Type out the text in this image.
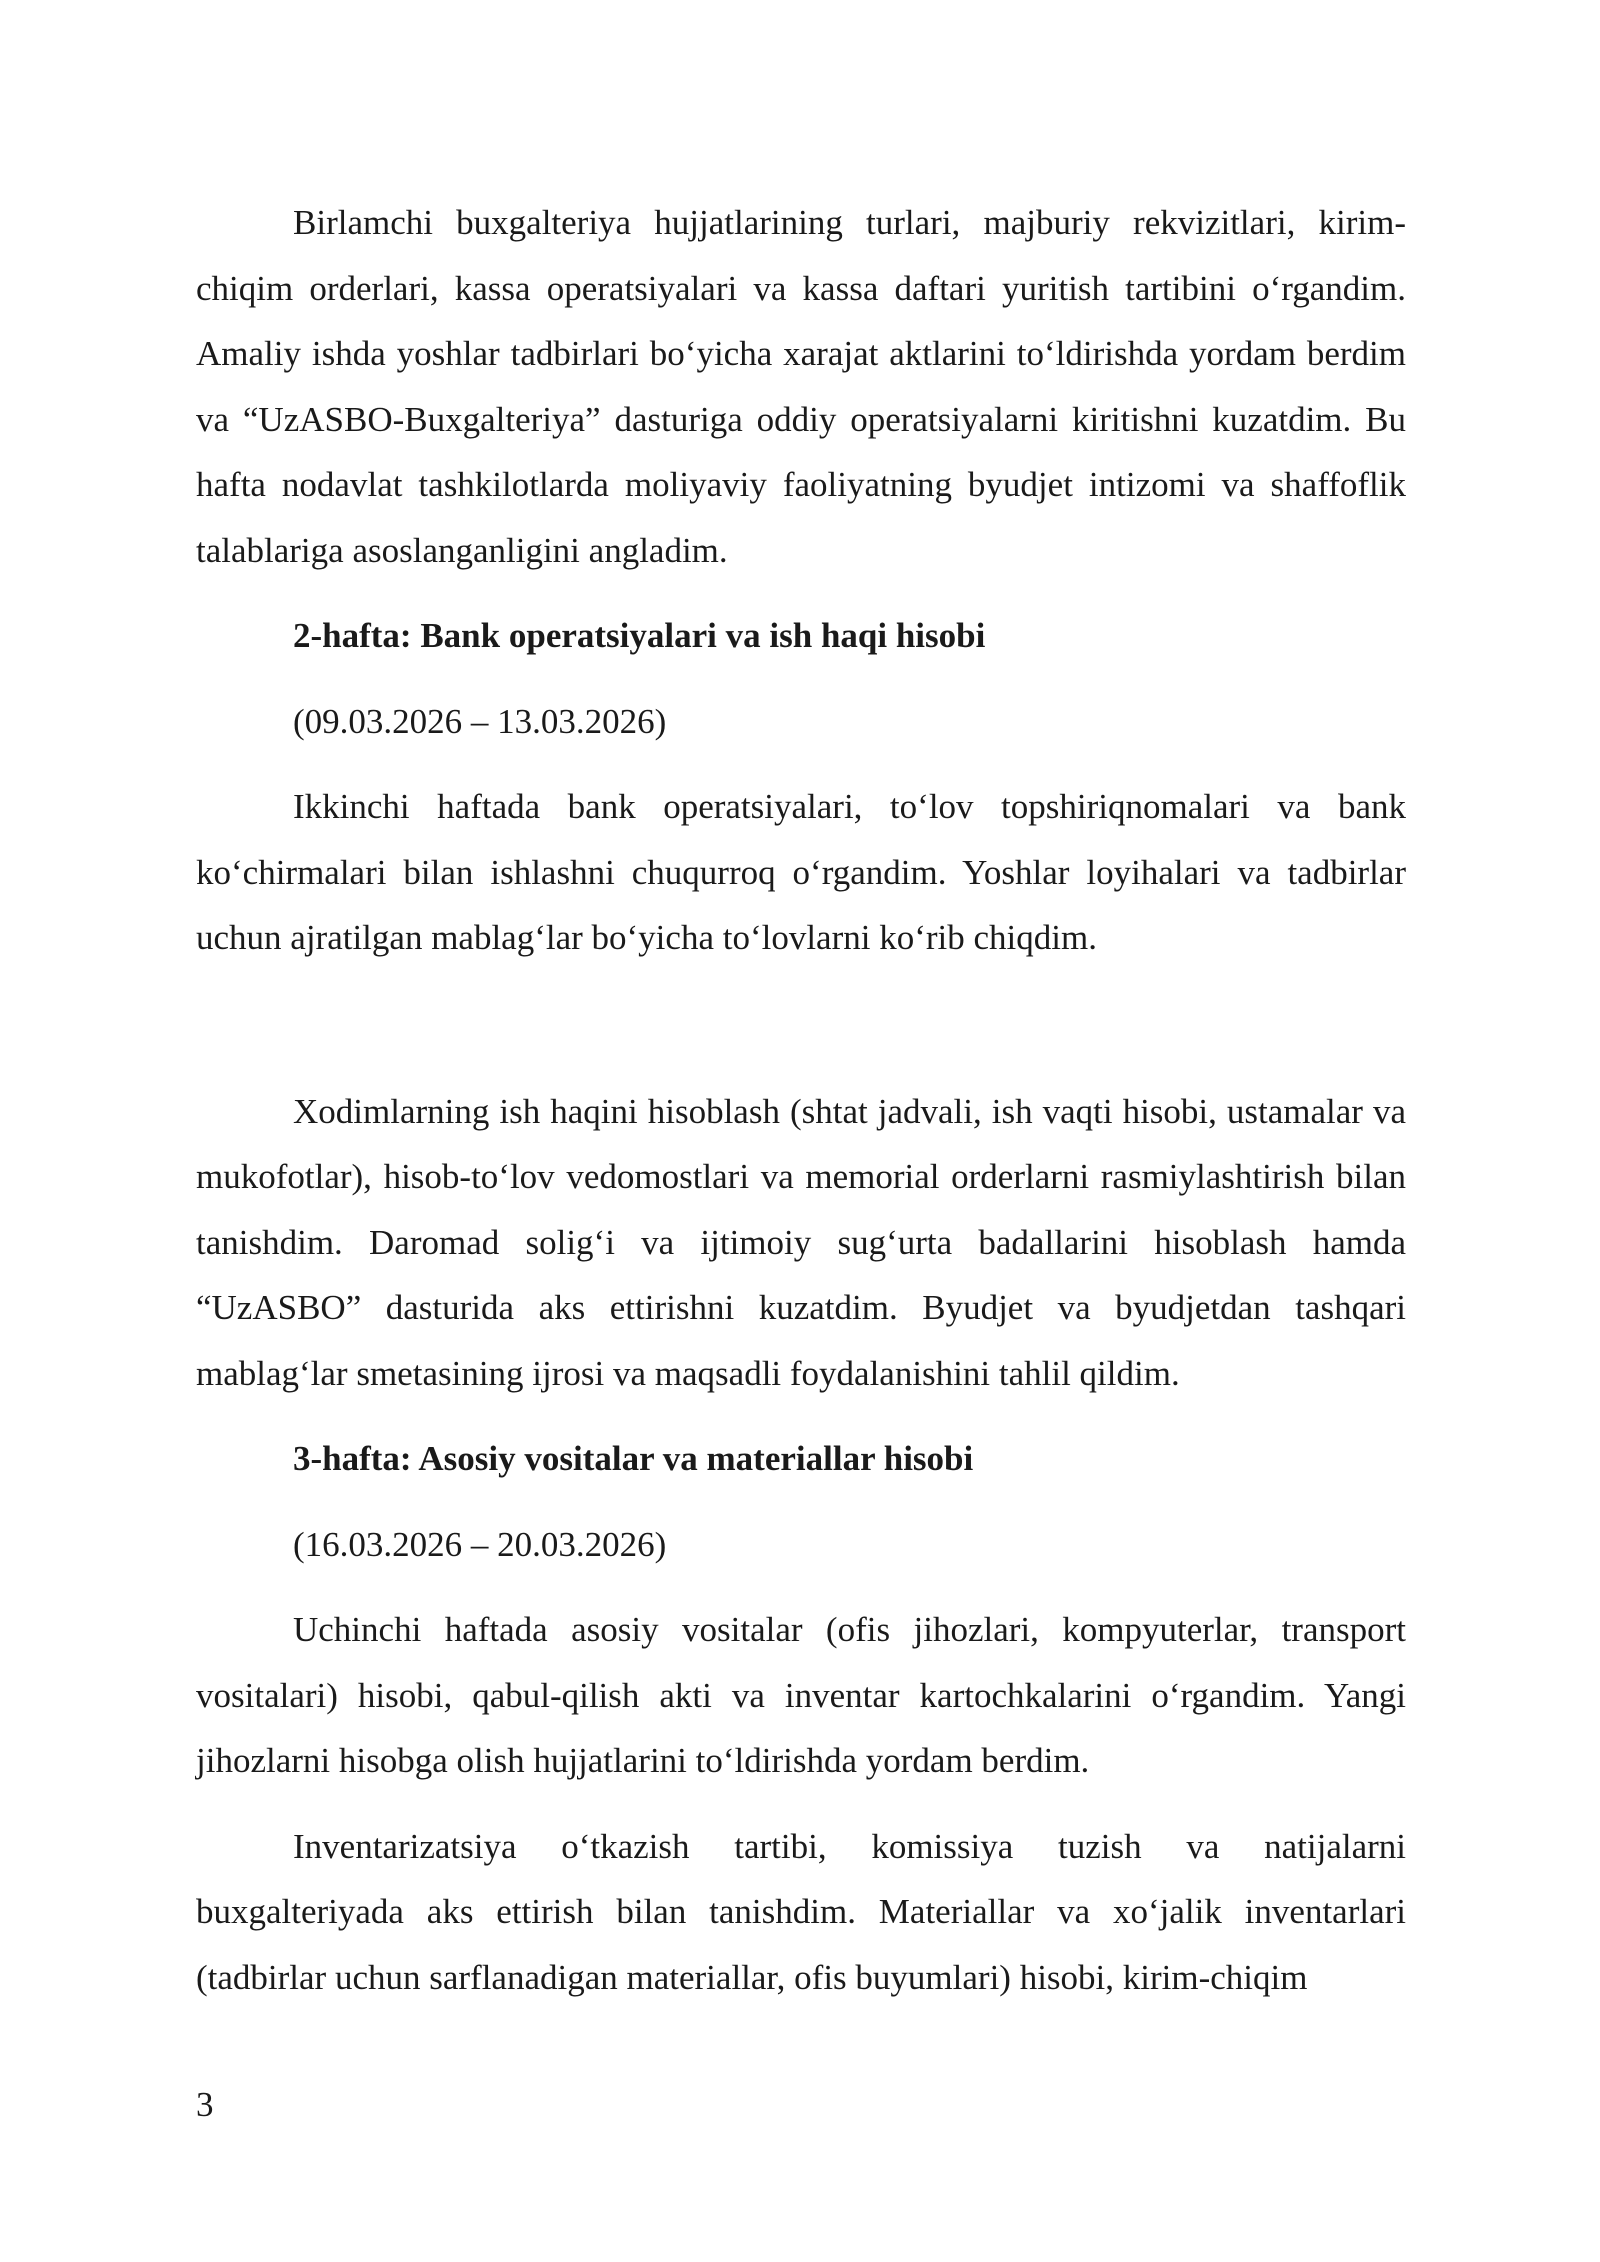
Birlamchi buxgalteriya hujjatlarining turlari, majburiy rekvizitlari, kirim-chiqim orderlari, kassa operatsiyalari va kassa daftari yuritish tartibini o‘rgandim. Amaliy ishda yoshlar tadbirlari bo‘yicha xarajat aktlarini to‘ldirishda yordam berdim va “UzASBO-Buxgalteriya” dasturiga oddiy operatsiyalarni kiritishni kuzatdim. Bu hafta nodavlat tashkilotlarda moliyaviy faoliyatning byudjet intizomi va shaffoflik talablariga asoslanganligini angladim.

2-hafta: Bank operatsiyalari va ish haqi hisobi

(09.03.2026 – 13.03.2026)

Ikkinchi haftada bank operatsiyalari, to‘lov topshiriqnomalari va bank ko‘chirmalari bilan ishlashni chuqurroq o‘rgandim. Yoshlar loyihalari va tadbirlar uchun ajratilgan mablag‘lar bo‘yicha to‘lovlarni ko‘rib chiqdim.

Xodimlarning ish haqini hisoblash (shtat jadvali, ish vaqti hisobi, ustamalar va mukofotlar), hisob-to‘lov vedomostlari va memorial orderlarni rasmiylashtirish bilan tanishdim. Daromad solig‘i va ijtimoiy sug‘urta badallarini hisoblash hamda “UzASBO” dasturida aks ettirishni kuzatdim. Byudjet va byudjetdan tashqari mablag‘lar smetasining ijrosi va maqsadli foydalanishini tahlil qildim.

3-hafta: Asosiy vositalar va materiallar hisobi

(16.03.2026 – 20.03.2026)

Uchinchi haftada asosiy vositalar (ofis jihozlari, kompyuterlar, transport vositalari) hisobi, qabul-qilish akti va inventar kartochkalarini o‘rgandim. Yangi jihozlarni hisobga olish hujjatlarini to‘ldirishda yordam berdim.

Inventarizatsiya o‘tkazish tartibi, komissiya tuzish va natijalarni buxgalteriyada aks ettirish bilan tanishdim. Materiallar va xo‘jalik inventarlari (tadbirlar uchun sarflanadigan materiallar, ofis buyumlari) hisobi, kirim-chiqim

3
